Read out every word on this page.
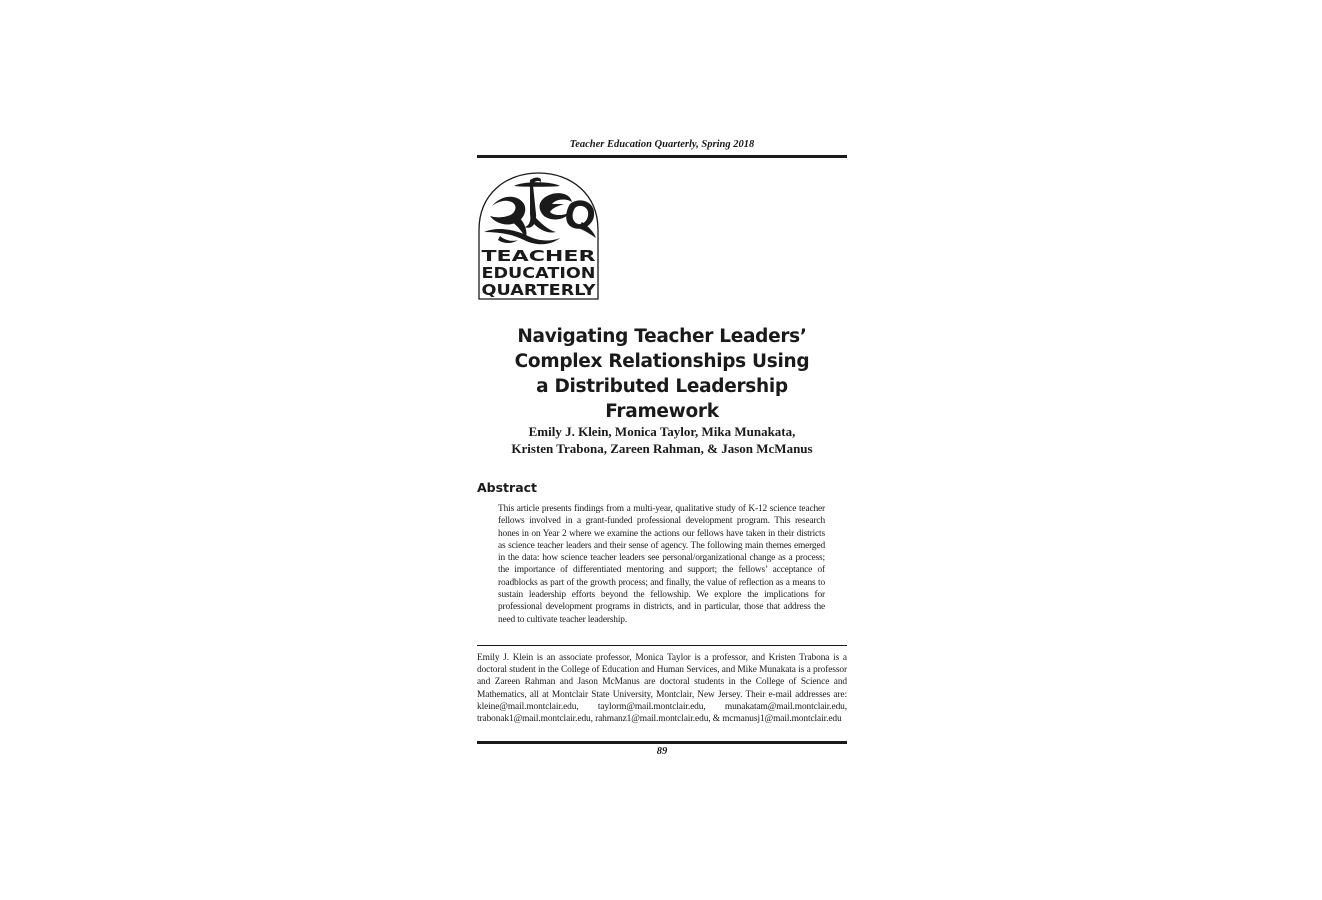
Teacher Education Quarterly, Spring 2018
TEACHER
EDUCATION
QUARTERLY
Navigating Teacher Leaders’
Complex Relationships Using
a Distributed Leadership Framework
Emily J. Klein, Monica Taylor, Mika Munakata,
Kristen Trabona, Zareen Rahman, & Jason McManus
Abstract
This article presents findings from a multi-year, qualitative study of K-12 science teacher fellows involved in a grant-funded professional development program. This research hones in on Year 2 where we examine the actions our fellows have taken in their districts as science teacher leaders and their sense of agency. The following main themes emerged in the data: how science teacher leaders see personal/organizational change as a process; the importance of differentiated mentoring and support; the fellows’ acceptance of roadblocks as part of the growth process; and finally, the value of reflection as a means to sustain leadership efforts beyond the fellowship. We explore the implications for professional development programs in districts, and in particular, those that address the need to cultivate teacher leadership.
Emily J. Klein is an associate professor, Monica Taylor is a professor, and Kristen Trabona is a doctoral student in the College of Education and Human Services, and Mike Munakata is a professor and Zareen Rahman and Jason McManus are doctoral students in the College of Science and Mathematics, all at Montclair State University, Montclair, New Jersey. Their e-mail addresses are: kleine@mail.montclair.edu, taylorm@mail.montclair.edu, munakatam@mail.montclair.edu, trabonak1@mail.montclair.edu, rahmanz1@mail.montclair.edu, & mcmanusj1@mail.montclair.edu
89
